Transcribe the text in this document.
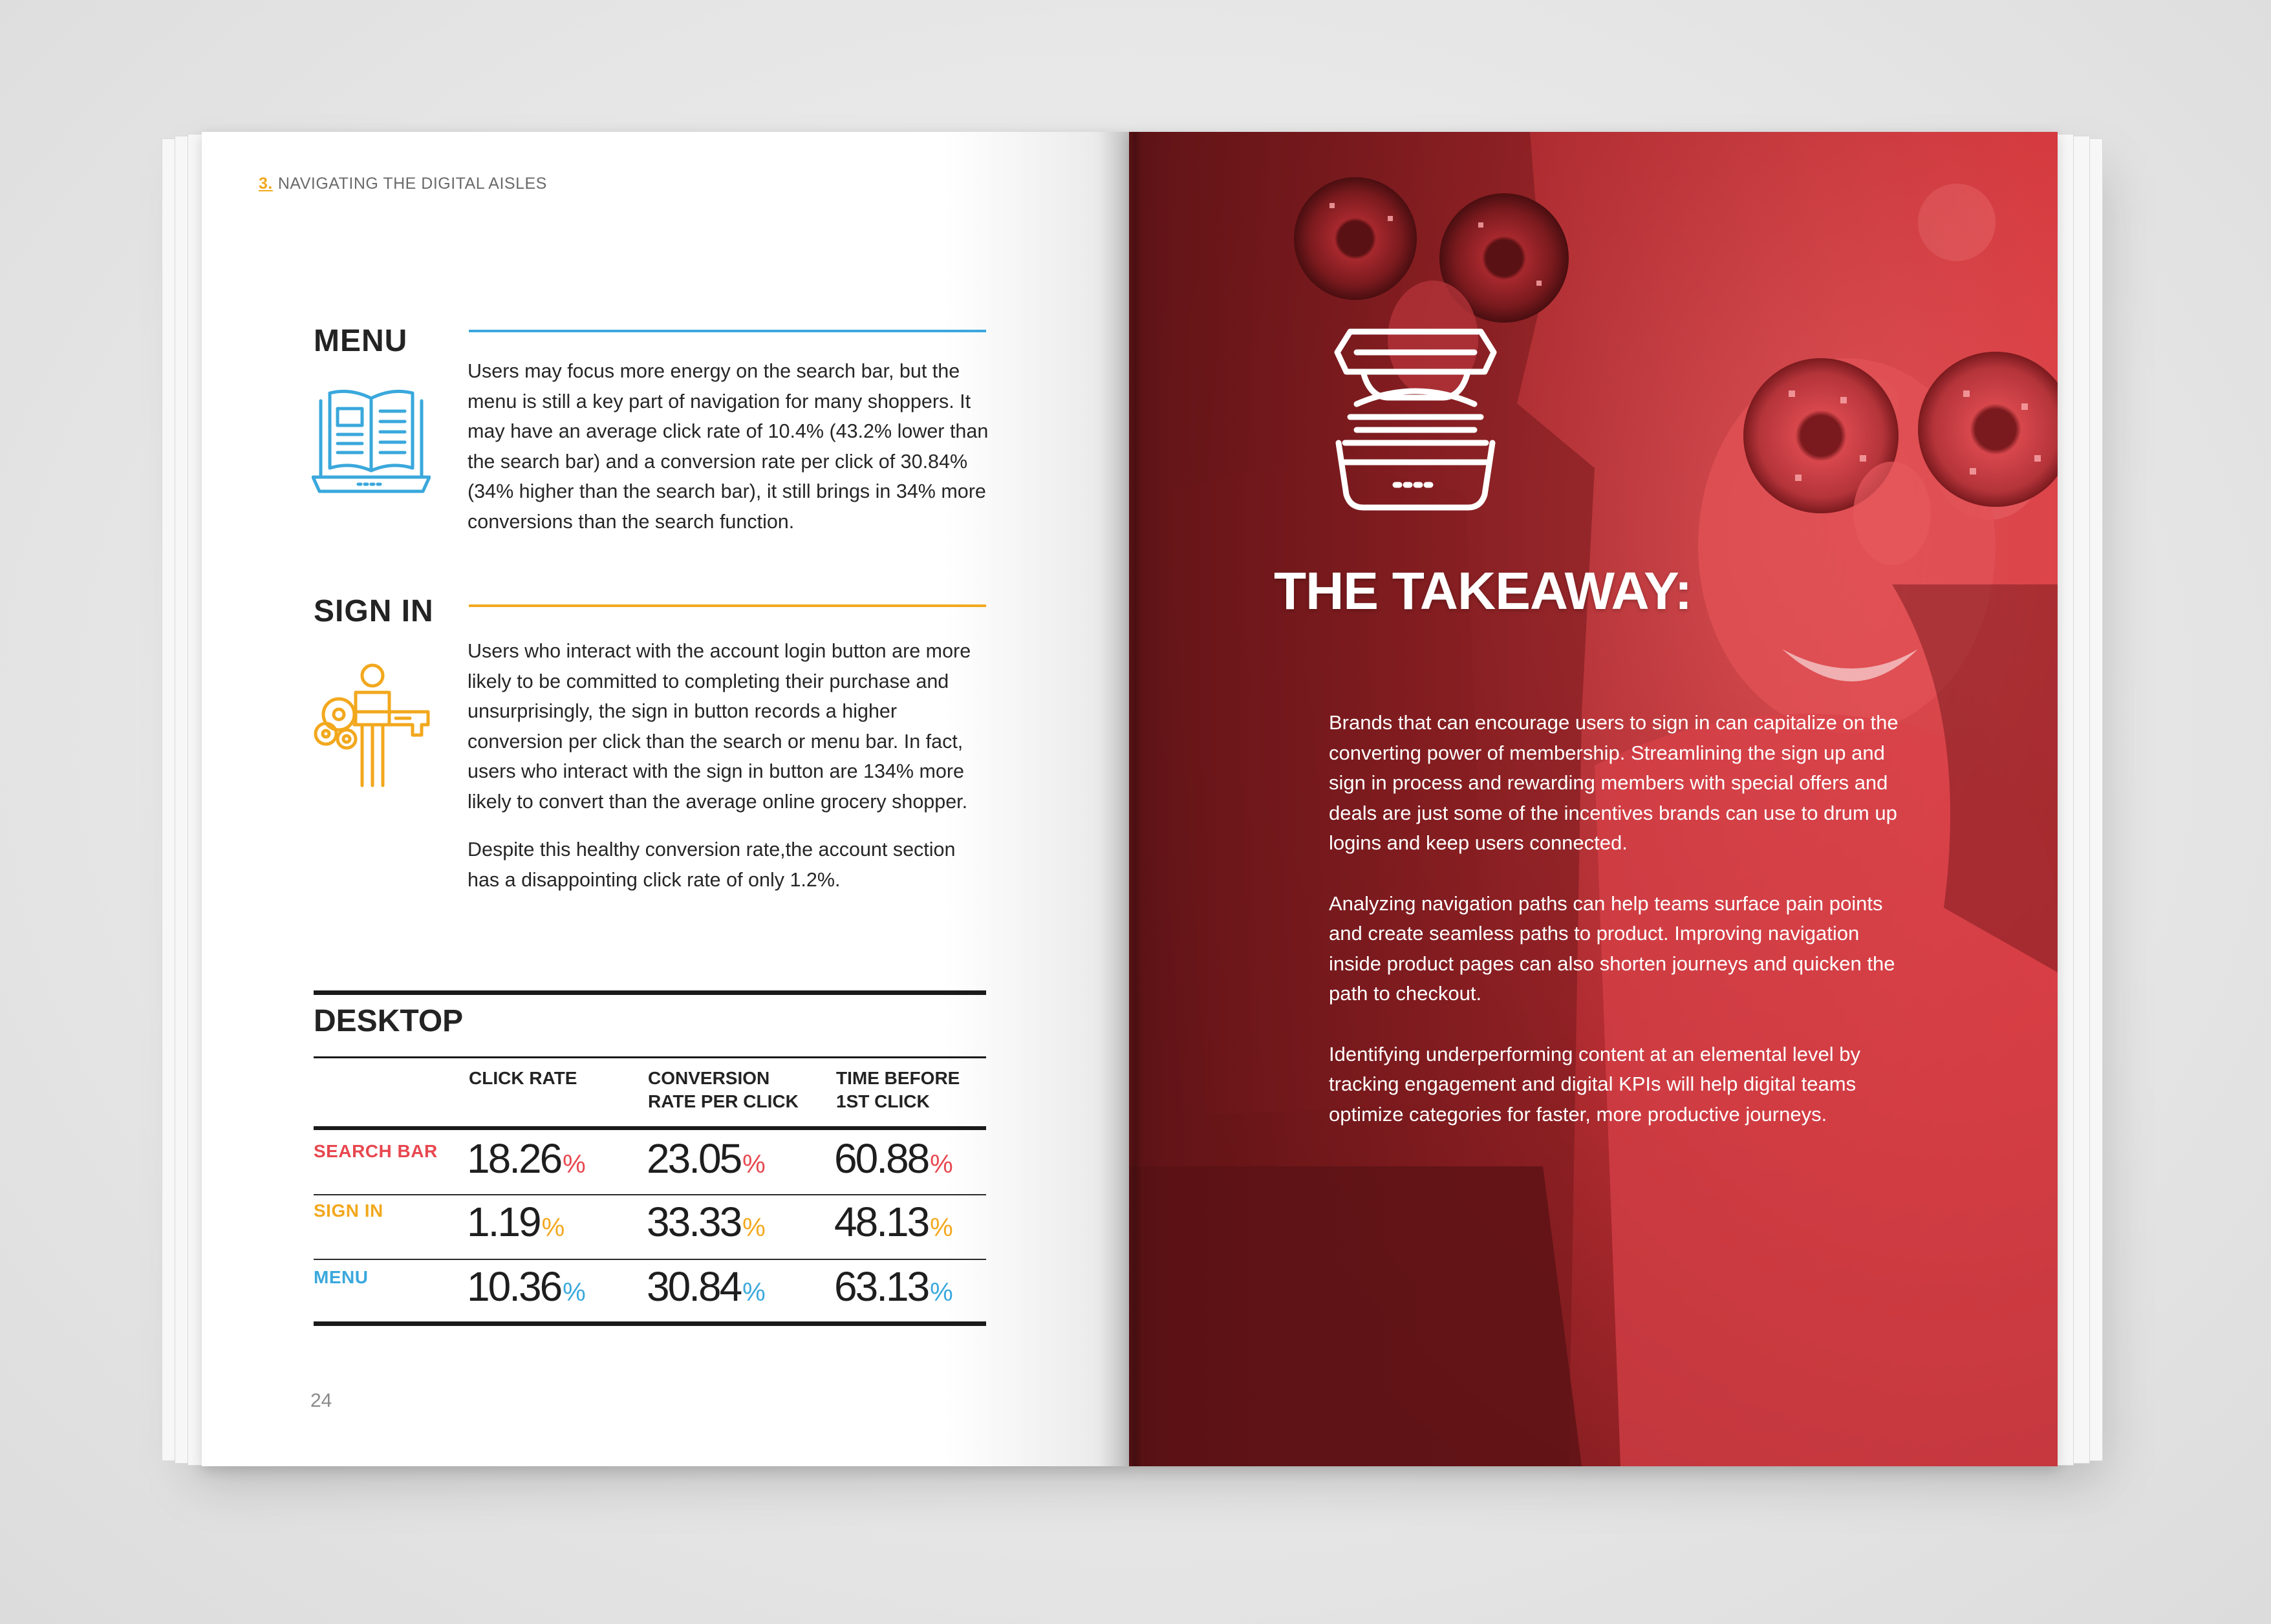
3. NAVIGATING THE DIGITAL AISLES
MENU
Users may focus more energy on the search bar, but the menu is still a key part of navigation for many shoppers. It may have an average click rate of 10.4% (43.2% lower than the search bar) and a conversion rate per click of 30.84% (34% higher than the search bar), it still brings in 34% more conversions than the search function.
SIGN IN

Users who interact with the account login button are more likely to be committed to completing their purchase and unsurprisingly, the sign in button records a higher conversion per click than the search or menu bar. In fact, users who interact with the sign in button are 134% more likely to convert than the average online grocery shopper.

Despite this healthy conversion rate,the account section has a disappointing click rate of only 1.2%.

DESKTOP
CLICK RATE	CONVERSION RATE PER CLICK
TIME BEFORE 1ST CLICK
SEARCH BAR 18.26% 23.05% 60.88%
SIGN IN 1.19% 33.33% 48.13%
MENU 10.36% 30.84% 63.13%
24
THE TAKEAWAY:

Brands that can encourage users to sign in can capitalize on the converting power of membership. Streamlining the sign up and sign in process and rewarding members with special offers and deals are just some of the incentives brands can use to drum up logins and keep users connected.

Analyzing navigation paths can help teams surface pain points and create seamless paths to product. Improving navigation inside product pages can also shorten journeys and quicken the path to checkout.

Identifying underperforming content at an elemental level by tracking engagement and digital KPIs will help digital teams optimize categories for faster, more productive journeys.
